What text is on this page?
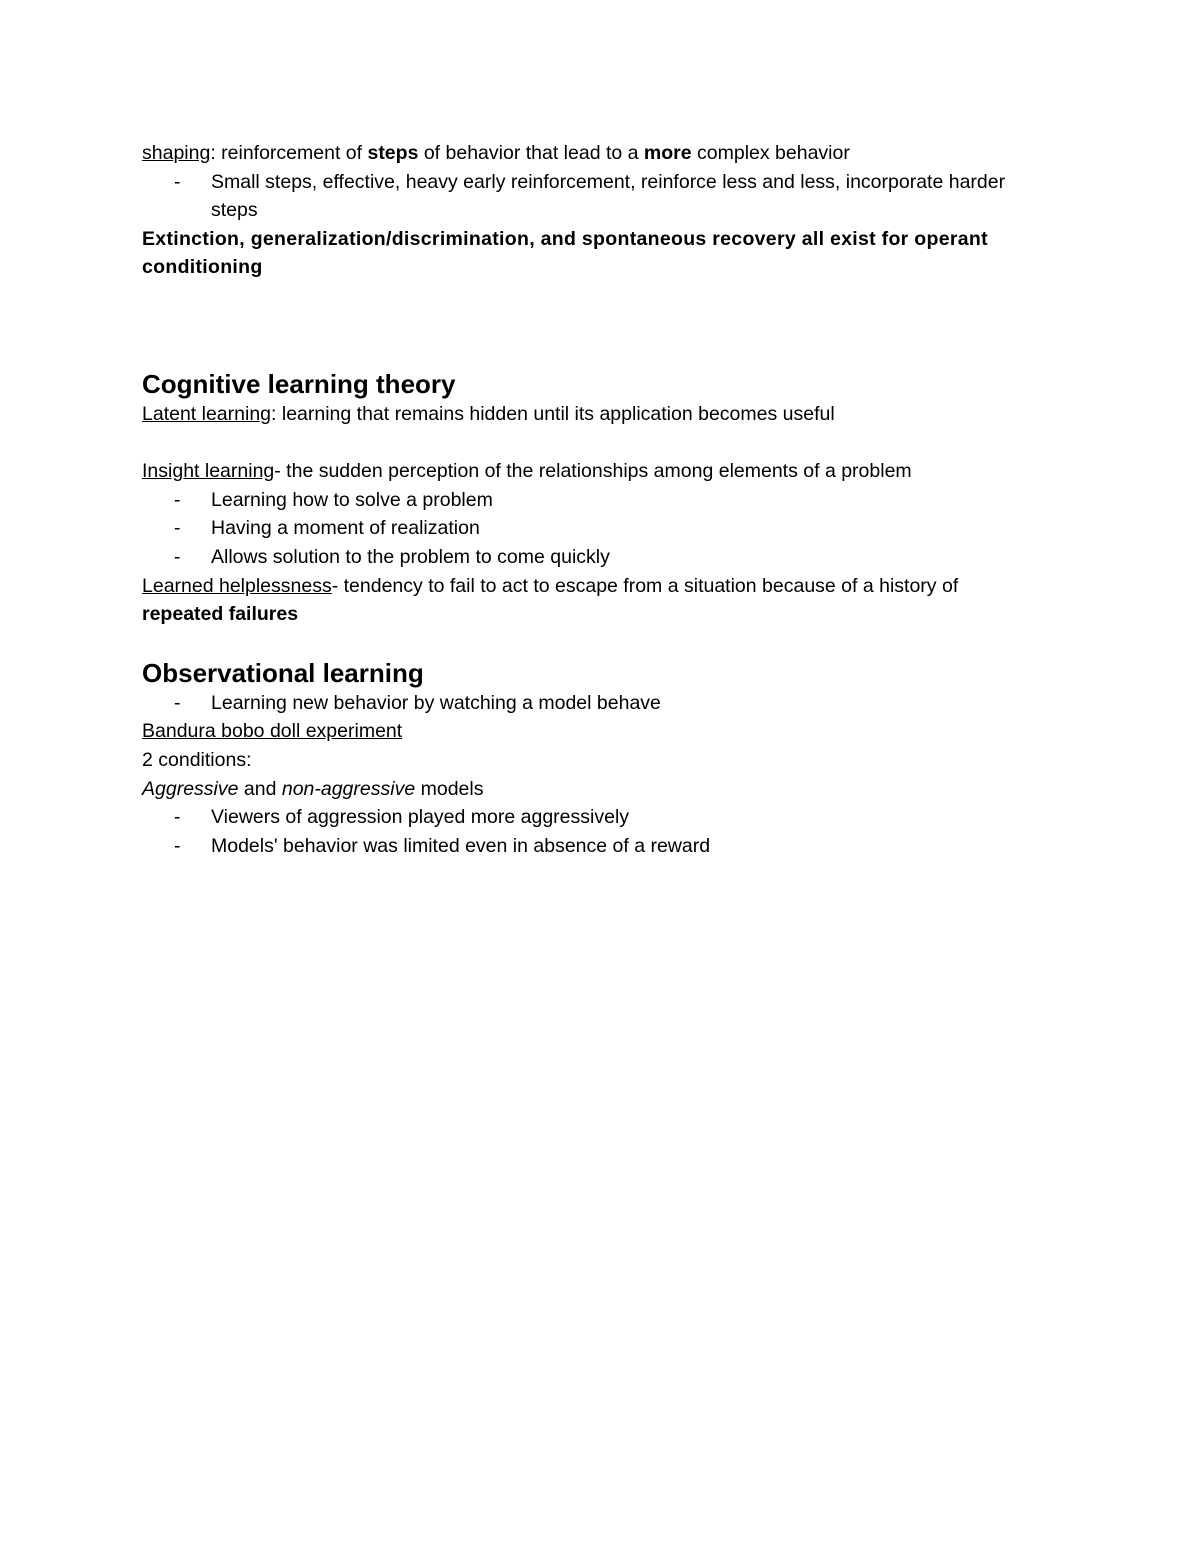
shaping: reinforcement of steps of behavior that lead to a more complex behavior
- Small steps, effective, heavy early reinforcement, reinforce less and less, incorporate harder steps
Extinction, generalization/discrimination, and spontaneous recovery all exist for operant conditioning
Cognitive learning theory
Latent learning: learning that remains hidden until its application becomes useful
Insight learning- the sudden perception of the relationships among elements of a problem
- Learning how to solve a problem
- Having a moment of realization
- Allows solution to the problem to come quickly
Learned helplessness- tendency to fail to act to escape from a situation because of a history of
repeated failures
Observational learning
- Learning new behavior by watching a model behave
Bandura bobo doll experiment
2 conditions:
Aggressive and non-aggressive models
- Viewers of aggression played more aggressively
- Models' behavior was limited even in absence of a reward
